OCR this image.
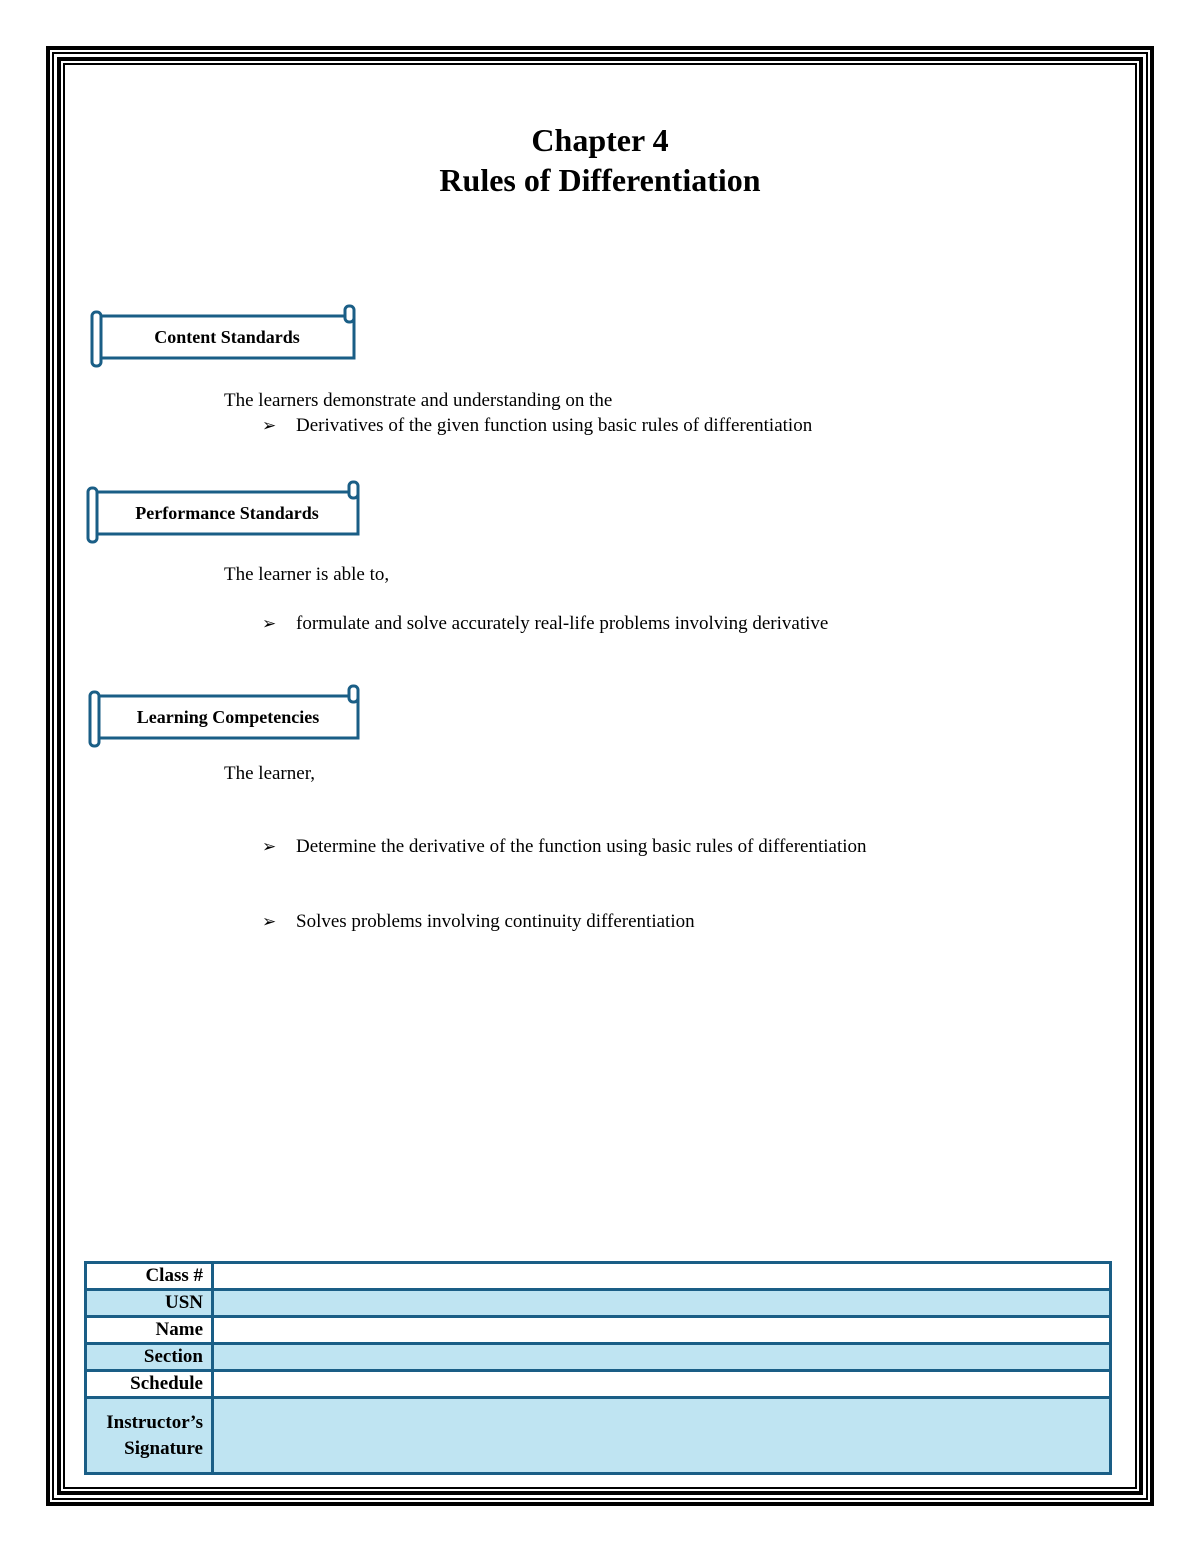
Chapter 4
Rules of Differentiation
Content Standards
The learners demonstrate and understanding on the
➢ Derivatives of the given function using basic rules of differentiation
Performance Standards
The learner is able to,
➢ formulate and solve accurately real-life problems involving derivative
Learning Competencies
The learner,
➢ Determine the derivative of the function using basic rules of differentiation
➢ Solves problems involving continuity differentiation
Class #	
USN	
Name	
Section	
Schedule	
Instructor’s Signature	
